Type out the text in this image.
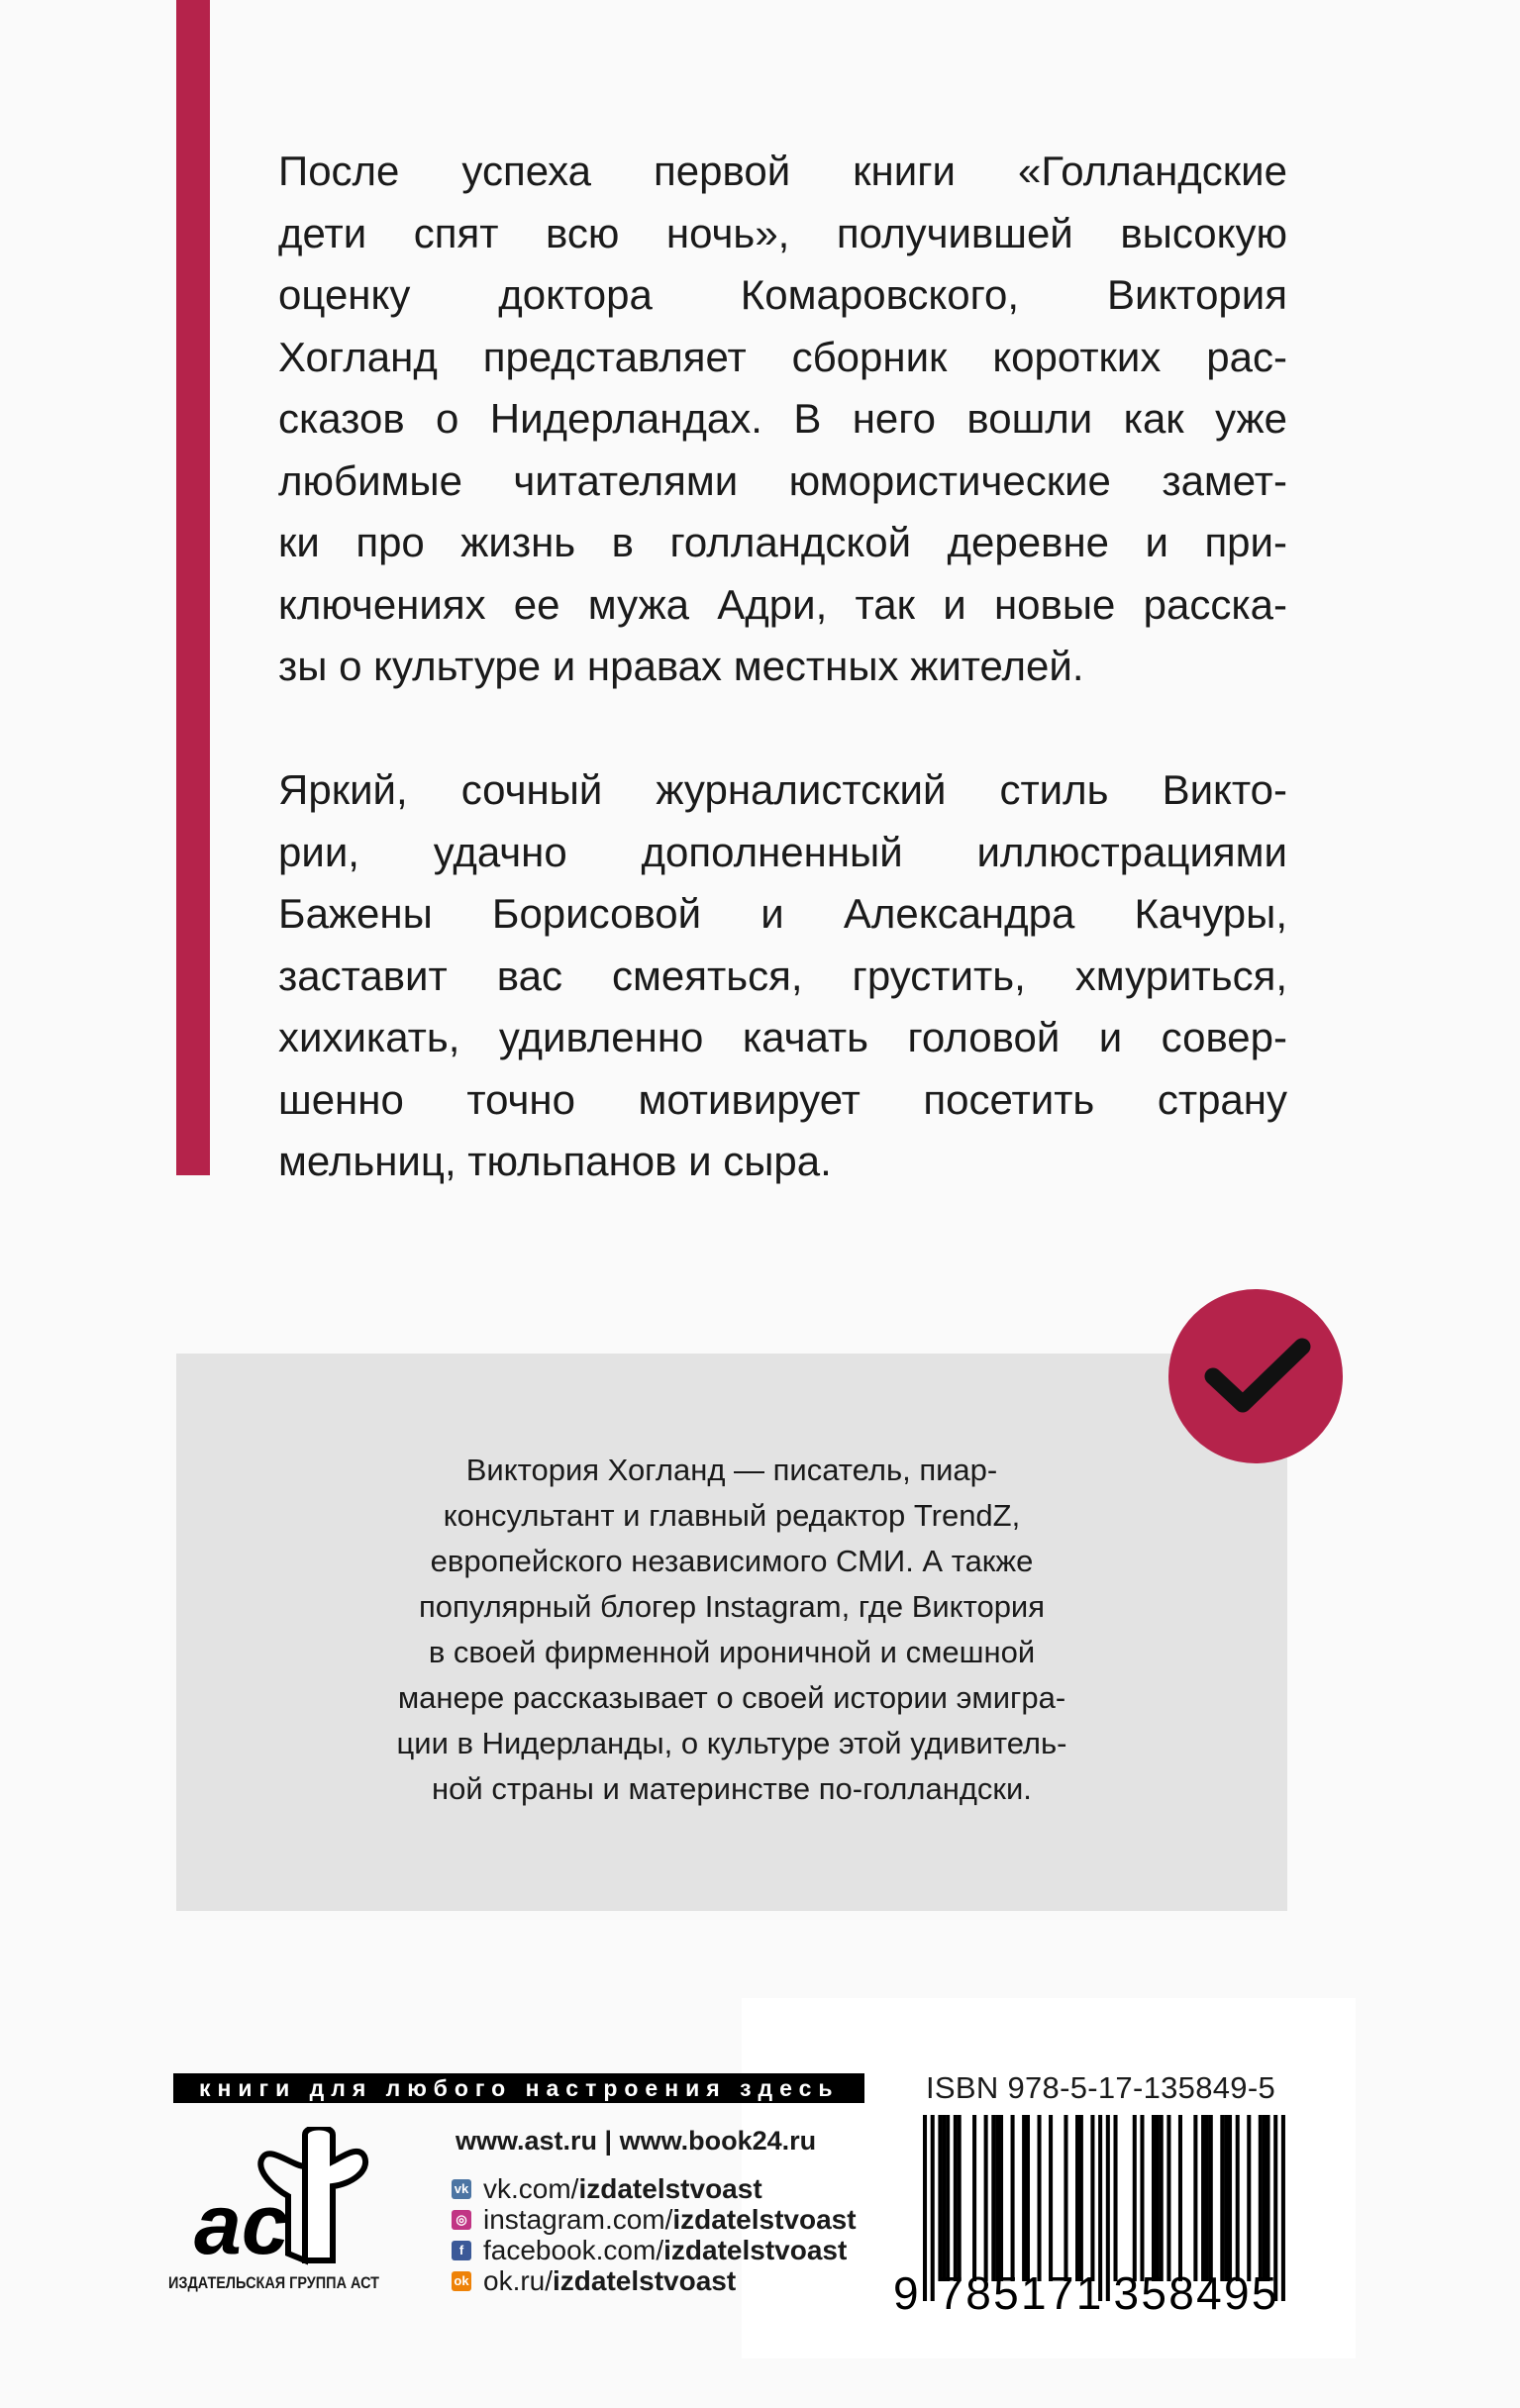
После успеха первой книги «Голландские
дети спят всю ночь», получившей высокую
оценку доктора Комаровского, Виктория
Хогланд представляет сборник коротких рас-
сказов о Нидерландах. В него вошли как уже
любимые читателями юмористические замет-
ки про жизнь в голландской деревне и при-
ключениях ее мужа Адри, так и новые расска-
зы о культуре и нравах местных жителей.
Яркий, сочный журналистский стиль Викто-
рии, удачно дополненный иллюстрациями
Бажены Борисовой и Александра Качуры,
заставит вас смеяться, грустить, хмуриться,
хихикать, удивленно качать головой и совер-
шенно точно мотивирует посетить страну
мельниц, тюльпанов и сыра.
Виктория Хогланд — писатель, пиар-
консультант и главный редактор TrendZ,
европейского независимого СМИ. А также
популярный блогер Instagram, где Виктория
в своей фирменной ироничной и смешной
манере рассказывает о своей истории эмигра-
ции в Нидерланды, о культуре этой удивитель-
ной страны и материнстве по-голландски.
книги для любого настроения здесь
ас
ИЗДАТЕЛЬСКАЯ ГРУППА АСТ
www.ast.ru | www.book24.ru
vk vk.com/ izdatelstvoast
◎ instagram.com/ izdatelstvoast
f facebook.com/ izdatelstvoast
ok ok.ru/ izdatelstvoast
ISBN 978-5-17-135849-5
9 785171 358495
